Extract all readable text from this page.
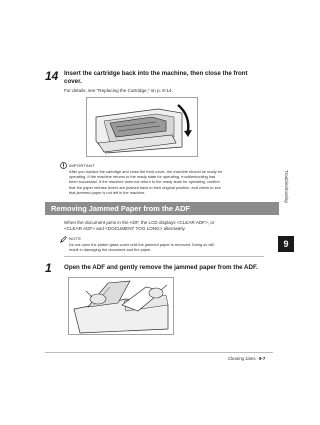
14 Insert the cartridge back into the machine, then close the front
cover.
For details, see "Replacing the Cartridge," on p. 8-14.
IMPORTANT
After you replace the cartridge and close the front cover, the machine should be ready for
operating. If the machine returns to the ready state for operating, troubleshooting has
been successful. If the machine does not return to the ready state for operating, confirm
that the paper release levers are pushed back to their original position, and check to see
that jammed paper is not left in the machine.
Removing Jammed Paper from the ADF
When the document jams in the ADF, the LCD displays <CLEAR ADF>, or
<CLEAR ADF> and <DOCUMENT TOO LONG> alternately.
NOTE
Do not open the platen glass cover until the jammed paper is removed. Doing so will
result in damaging the document and the paper.
1 Open the ADF and gently remove the jammed paper from the ADF.
Troubleshooting
9
Clearing Jams 9-7
